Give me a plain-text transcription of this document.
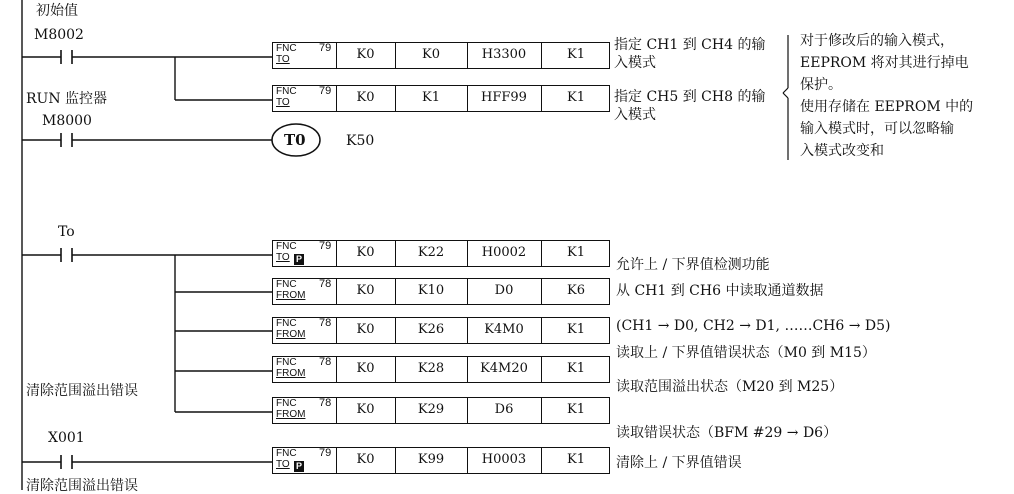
初始值
M8002
RUN 监控器
M8000
T0	K50
To
清除范围溢出错误
X001
清除范围溢出错误
FNC 79
TO	K0	K0	H3300	K1
FNC 79
TO	K0	K1	HFF99	K1
FNC 79
TO P	K0	K22	H0002	K1
FNC 78
FROM	K0	K10	D0	K6
FNC 78
FROM	K0	K26	K4M0	K1
FNC 78
FROM	K0	K28	K4M20	K1
FNC 78
FROM	K0	K29	D6	K1
FNC 79
TO P	K0	K99	H0003	K1
指定 CH1 到 CH4 的输入模式
指定 CH5 到 CH8 的输入模式
对于修改后的输入模式，
EEPROM 将对其进行掉电
保护。
使用存储在 EEPROM 中的
输入模式时，可以忽略输
入模式改变和
允许上 / 下界值检测功能
从 CH1 到 CH6 中读取通道数据
(CH1 → D0, CH2 → D1, ……CH6 → D5)
读取上 / 下界值错误状态（M0 到 M15）
读取范围溢出状态（M20 到 M25）
读取错误状态（BFM #29 → D6）
清除上 / 下界值错误
